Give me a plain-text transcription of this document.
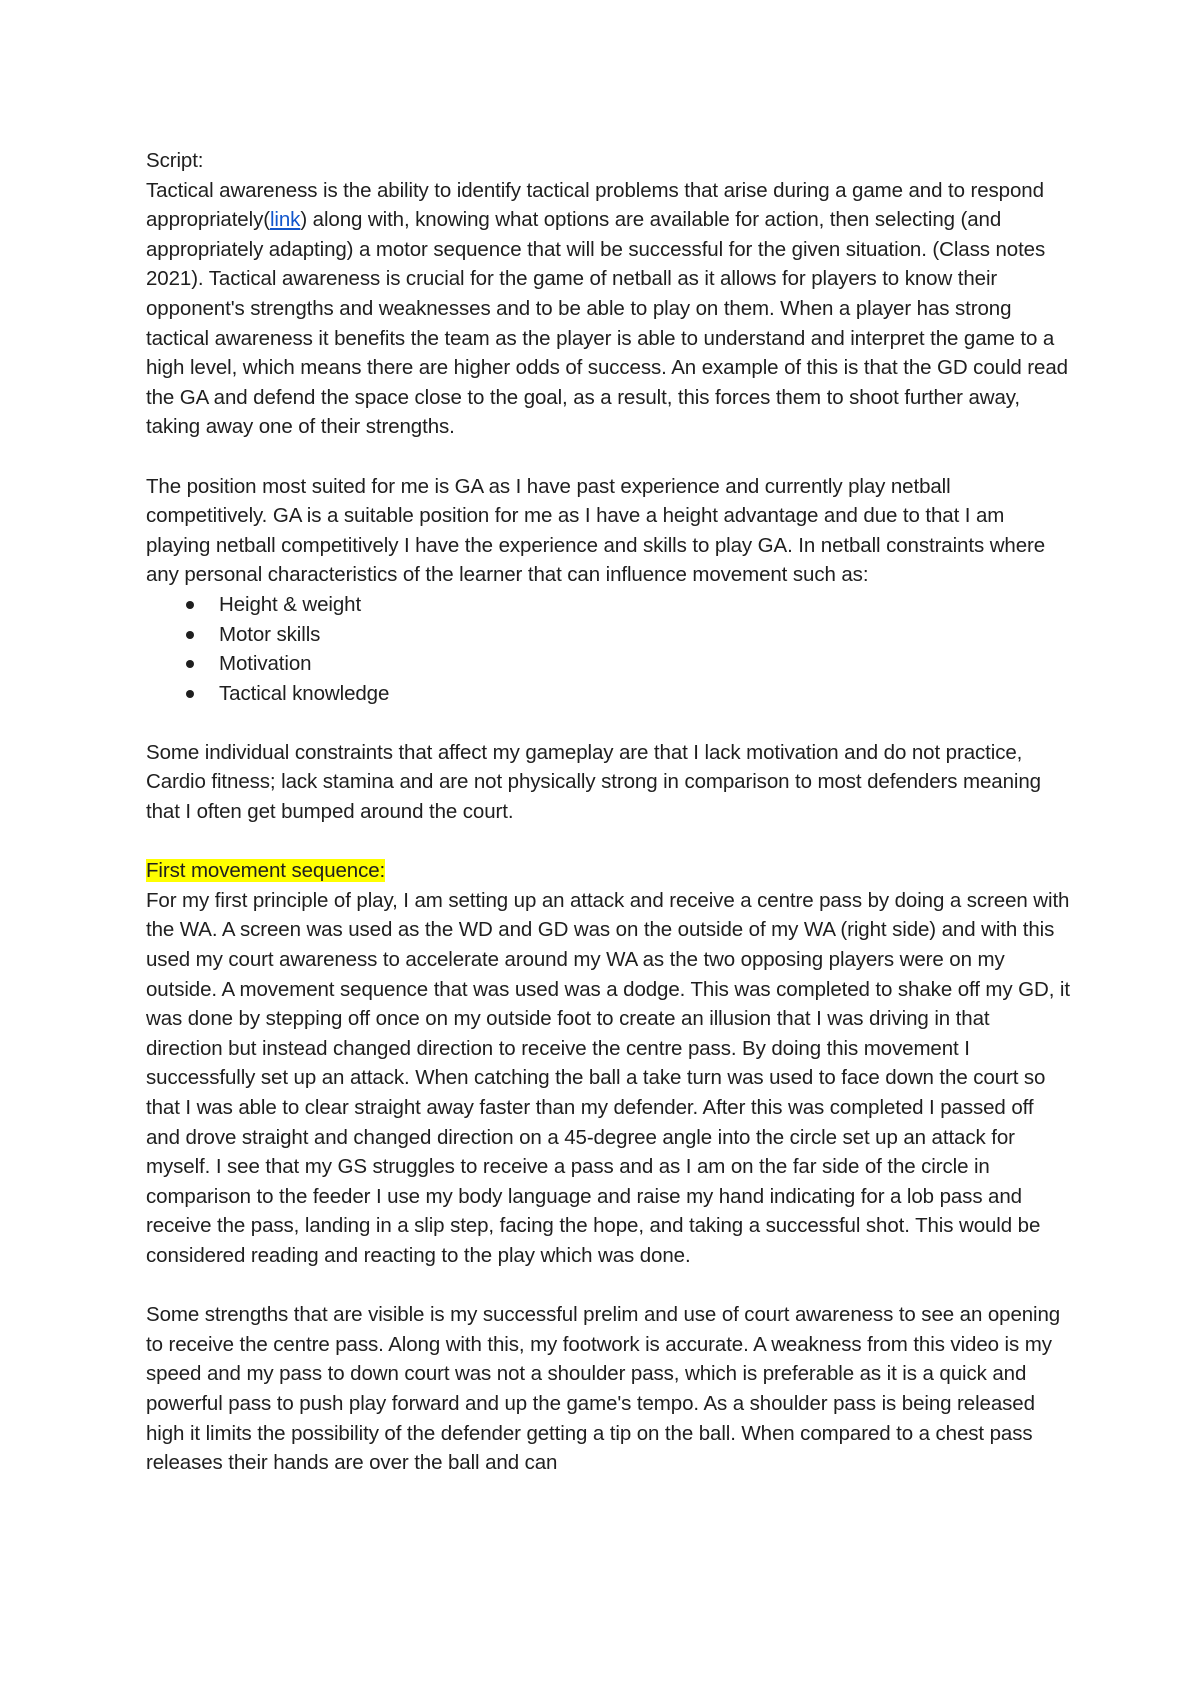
Script:

Tactical awareness is the ability to identify tactical problems that arise during a game and to respond appropriately(link) along with, knowing what options are available for action, then selecting (and appropriately adapting) a motor sequence that will be successful for the given situation. (Class notes 2021). Tactical awareness is crucial for the game of netball as it allows for players to know their opponent's strengths and weaknesses and to be able to play on them. When a player has strong tactical awareness it benefits the team as the player is able to understand and interpret the game to a high level, which means there are higher odds of success. An example of this is that the GD could read the GA and defend the space close to the goal, as a result, this forces them to shoot further away, taking away one of their strengths.

The position most suited for me is GA as I have past experience and currently play netball competitively. GA is a suitable position for me as I have a height advantage and due to that I am playing netball competitively I have the experience and skills to play GA. In netball constraints where any personal characteristics of the learner that can influence movement such as:

Height & weight
Motor skills
Motivation
Tactical knowledge

Some individual constraints that affect my gameplay are that I lack motivation and do not practice, Cardio fitness; lack stamina and are not physically strong in comparison to most defenders meaning that I often get bumped around the court.

First movement sequence:

For my first principle of play, I am setting up an attack and receive a centre pass by doing a screen with the WA. A screen was used as the WD and GD was on the outside of my WA (right side) and with this used my court awareness to accelerate around my WA as the two opposing players were on my outside. A movement sequence that was used was a dodge. This was completed to shake off my GD, it was done by stepping off once on my outside foot to create an illusion that I was driving in that direction but instead changed direction to receive the centre pass. By doing this movement I successfully set up an attack. When catching the ball a take turn was used to face down the court so that I was able to clear straight away faster than my defender. After this was completed I passed off and drove straight and changed direction on a 45-degree angle into the circle set up an attack for myself. I see that my GS struggles to receive a pass and as I am on the far side of the circle in comparison to the feeder I use my body language and raise my hand indicating for a lob pass and receive the pass, landing in a slip step, facing the hope, and taking a successful shot. This would be considered reading and reacting to the play which was done.

Some strengths that are visible is my successful prelim and use of court awareness to see an opening to receive the centre pass. Along with this, my footwork is accurate. A weakness from this video is my speed and my pass to down court was not a shoulder pass, which is preferable as it is a quick and powerful pass to push play forward and up the game's tempo. As a shoulder pass is being released high it limits the possibility of the defender getting a tip on the ball. When compared to a chest pass releases their hands are over the ball and can
